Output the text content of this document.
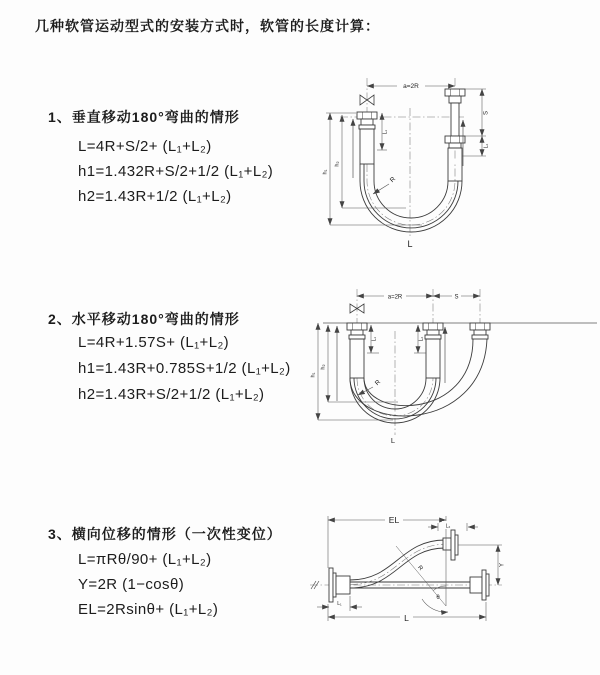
几种软管运动型式的安装方式时，软管的长度计算：
1、垂直移动180°弯曲的情形
L=4R+S/2+ (L₁+L₂)
h1=1.432R+S/2+1/2 (L₁+L₂)
h2=1.43R+1/2 (L₁+L₂)
2、水平移动180°弯曲的情形
L=4R+1.57S+ (L₁+L₂)
h1=1.43R+0.785S+1/2 (L₁+L₂)
h2=1.43R+S/2+1/2 (L₁+L₂)
3、横向位移的情形（一次性变位）
L=πRθ/90+ (L₁+L₂)
Y=2R (1−cosθ)
EL=2Rsinθ+ (L₁+L₂)
a=2R
h₁
h₂
L₁
S
L₂
R
L
a=2R	S
h₁
h₂
L₁	L₂
R
L
EL
L₂
Y
θ
R
L
L₁
